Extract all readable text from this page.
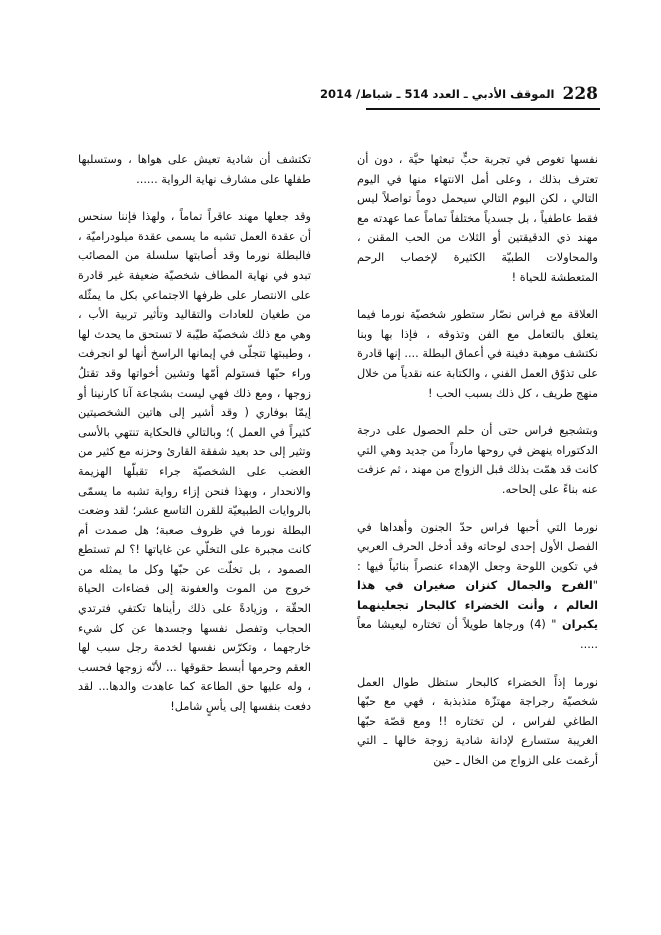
الموقف الأدبي ـ العدد 514 ـ شباط/ 2014 228

نفسها تغوص في تجربة حبٍّ تبعثها حيَّة ، دون أن تعترف بذلك ، وعلى أمل الانتهاء منها في اليوم التالي ، لكن اليوم التالي سيحمل دوماً تواصلاً ليس فقط عاطفياً ، بل جسدياً مختلفاً تماماً عما عهدته مع مهند ذي الدقيقتين أو الثلاث من الحب المقنن ، والمحاولات الطبيّة الكثيرة لإخصاب الرحم المتعطشة للحياة !

العلاقة مع فراس نصّار ستطور شخصيّة نورما فيما يتعلق بالتعامل مع الفن وتذوقه ، فإذا بها وبنا نكتشف موهبة دفينة في أعماق البطلة .... إنها قادرة على تذوّق العمل الفني ، والكتابة عنه نقدياً من خلال منهج طريف ، كل ذلك بسبب الحب !

وبتشجيع فراس حتى أن حلم الحصول على درجة الدكتوراه ينهض في روحها مارداً من جديد وهي التي كانت قد همّت بذلك قبل الزواج من مهند ، ثم عزفت عنه بناءً على إلحاحه.

نورما التي أحبها فراس حدّ الجنون وأهداها في الفصل الأول إحدى لوحاته وقد أدخل الحرف العربي في تكوين اللوحة وجعل الإهداء عنصراً بنائياً فيها : "الفرح والجمال كنزان صغيران في هذا العالم ، وأنت الخضراء كالبحار تجعلينهما يكبران " (4) ورجاها طويلاً أن تختاره ليعيشا معاً .....

نورما إذاً الخضراء كالبحار ستظل طوال العمل شخصيّة رجراجة مهتزّة متذبذبة ، فهي مع حبّها الطاغي لفراس ، لن تختاره !! ومع قصّة حبّها الغريبة ستسارع لإدانة شادية زوجة خالها ـ التي أرغمت على الزواج من الخال ـ حين

تكتشف أن شادية تعيش على هواها ، وستسلبها طفلها على مشارف نهاية الرواية ......

وقد جعلها مهند عاقراً تماماً ، ولهذا فإننا سنحس أن عقدة العمل تشبه ما يسمى عقدة ميلودراميّة ، فالبطلة نورما وقد أصابتها سلسلة من المصائب تبدو في نهاية المطاف شخصيّة ضعيفة غير قادرة على الانتصار على ظرفها الاجتماعي بكل ما يمثّله من طغيان للعادات والتقاليد وتأثير تربية الأب ، وهي مع ذلك شخصيّة طيّبة لا تستحق ما يحدث لها ، وطيبتها تتجلّى في إيمانها الراسخ أنها لو انجرفت وراء حبّها فستولم أمّها وتشين أخواتها وقد تقتلُ زوجها ، ومع ذلك فهي ليست بشجاعة آنا كارنينا أو إيمّا بوفاري ( وقد أشير إلى هاتين الشخصيتين كثيراً في العمل )؛ وبالتالي فالحكاية تنتهي بالأسى وتثير إلى حد بعيد شفقة القارئ وحزنه مع كثير من الغضب على الشخصيّة جراء تقبلّها الهزيمة والانحدار ، وبهذا فنحن إزاء رواية تشبه ما يسمّى بالروايات الطبيعيّة للقرن التاسع عشر؛ لقد وضعت البطلة نورما في ظروف صعبة؛ هل صمدت أم كانت مجبرة على التخلّي عن غاياتها !؟ لم تستطع الصمود ، بل تخلّت عن حبّها وكل ما يمثله من خروج من الموت والعفونة إلى فضاءات الحياة الحقّة ، وزيادةً على ذلك رأيناها تكتفي فترتدي الحجاب وتفصل نفسها وجسدها عن كل شيء خارجهما ، وتكرّس نفسها لخدمة رجل سبب لها العقم وحرمها أبسط حقوقها ... لأنّه زوجها فحسب ، وله عليها حق الطاعة كما عاهدت والدها... لقد دفعت بنفسها إلى يأسٍ شامل!
